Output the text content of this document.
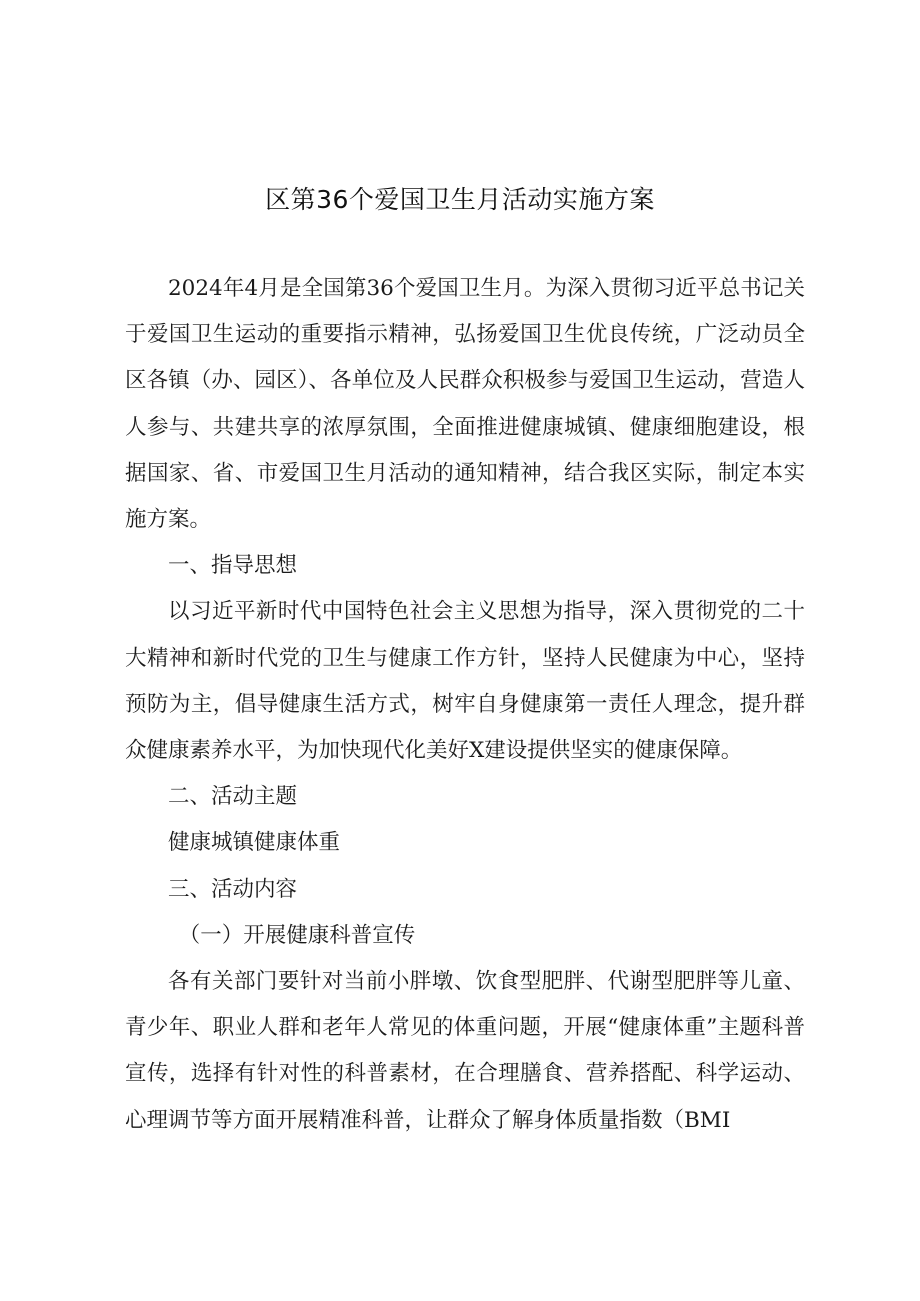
区第36个爱国卫生月活动实施方案

2024年4月是全国第36个爱国卫生月。为深入贯彻习近平总书记关于爱国卫生运动的重要指示精神，弘扬爱国卫生优良传统，广泛动员全区各镇（办、园区）、各单位及人民群众积极参与爱国卫生运动，营造人人参与、共建共享的浓厚氛围，全面推进健康城镇、健康细胞建设，根据国家、省、市爱国卫生月活动的通知精神，结合我区实际，制定本实施方案。

一、指导思想

以习近平新时代中国特色社会主义思想为指导，深入贯彻党的二十大精神和新时代党的卫生与健康工作方针，坚持人民健康为中心，坚持预防为主，倡导健康生活方式，树牢自身健康第一责任人理念，提升群众健康素养水平，为加快现代化美好X建设提供坚实的健康保障。

二、活动主题

健康城镇健康体重

三、活动内容

（一）开展健康科普宣传

各有关部门要针对当前小胖墩、饮食型肥胖、代谢型肥胖等儿童、青少年、职业人群和老年人常见的体重问题，开展“健康体重”主题科普宣传，选择有针对性的科普素材，在合理膳食、营养搭配、科学运动、心理调节等方面开展精准科普，让群众了解身体质量指数（BMI
